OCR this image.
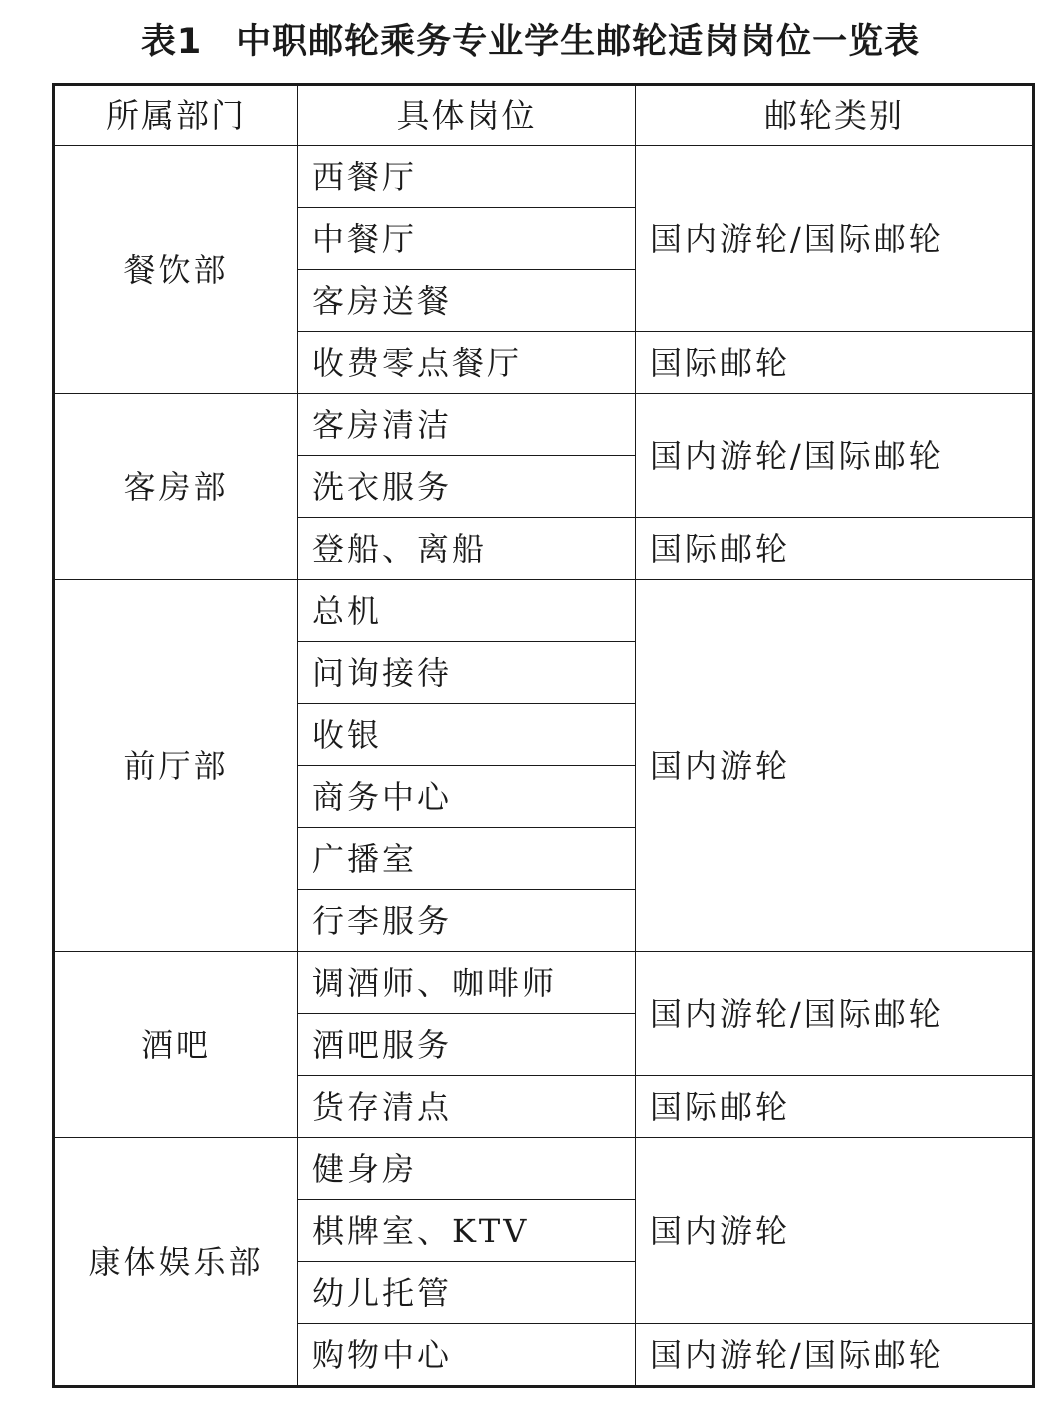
表1 中职邮轮乘务专业学生邮轮适岗岗位一览表
所属部门	具体岗位	邮轮类别
餐饮部	西餐厅	国内游轮/国际邮轮
	中餐厅	
	客房送餐	
	收费零点餐厅	国际邮轮
客房部	客房清洁	国内游轮/国际邮轮
	洗衣服务	
	登船、离船	国际邮轮
前厅部	总机	国内游轮
	问询接待	
	收银	
	商务中心	
	广播室	
	行李服务	
酒吧	调酒师、咖啡师	国内游轮/国际邮轮
	酒吧服务	
	货存清点	国际邮轮
康体娱乐部	健身房	国内游轮
	棋牌室、KTV	
	幼儿托管	
	购物中心	国内游轮/国际邮轮
